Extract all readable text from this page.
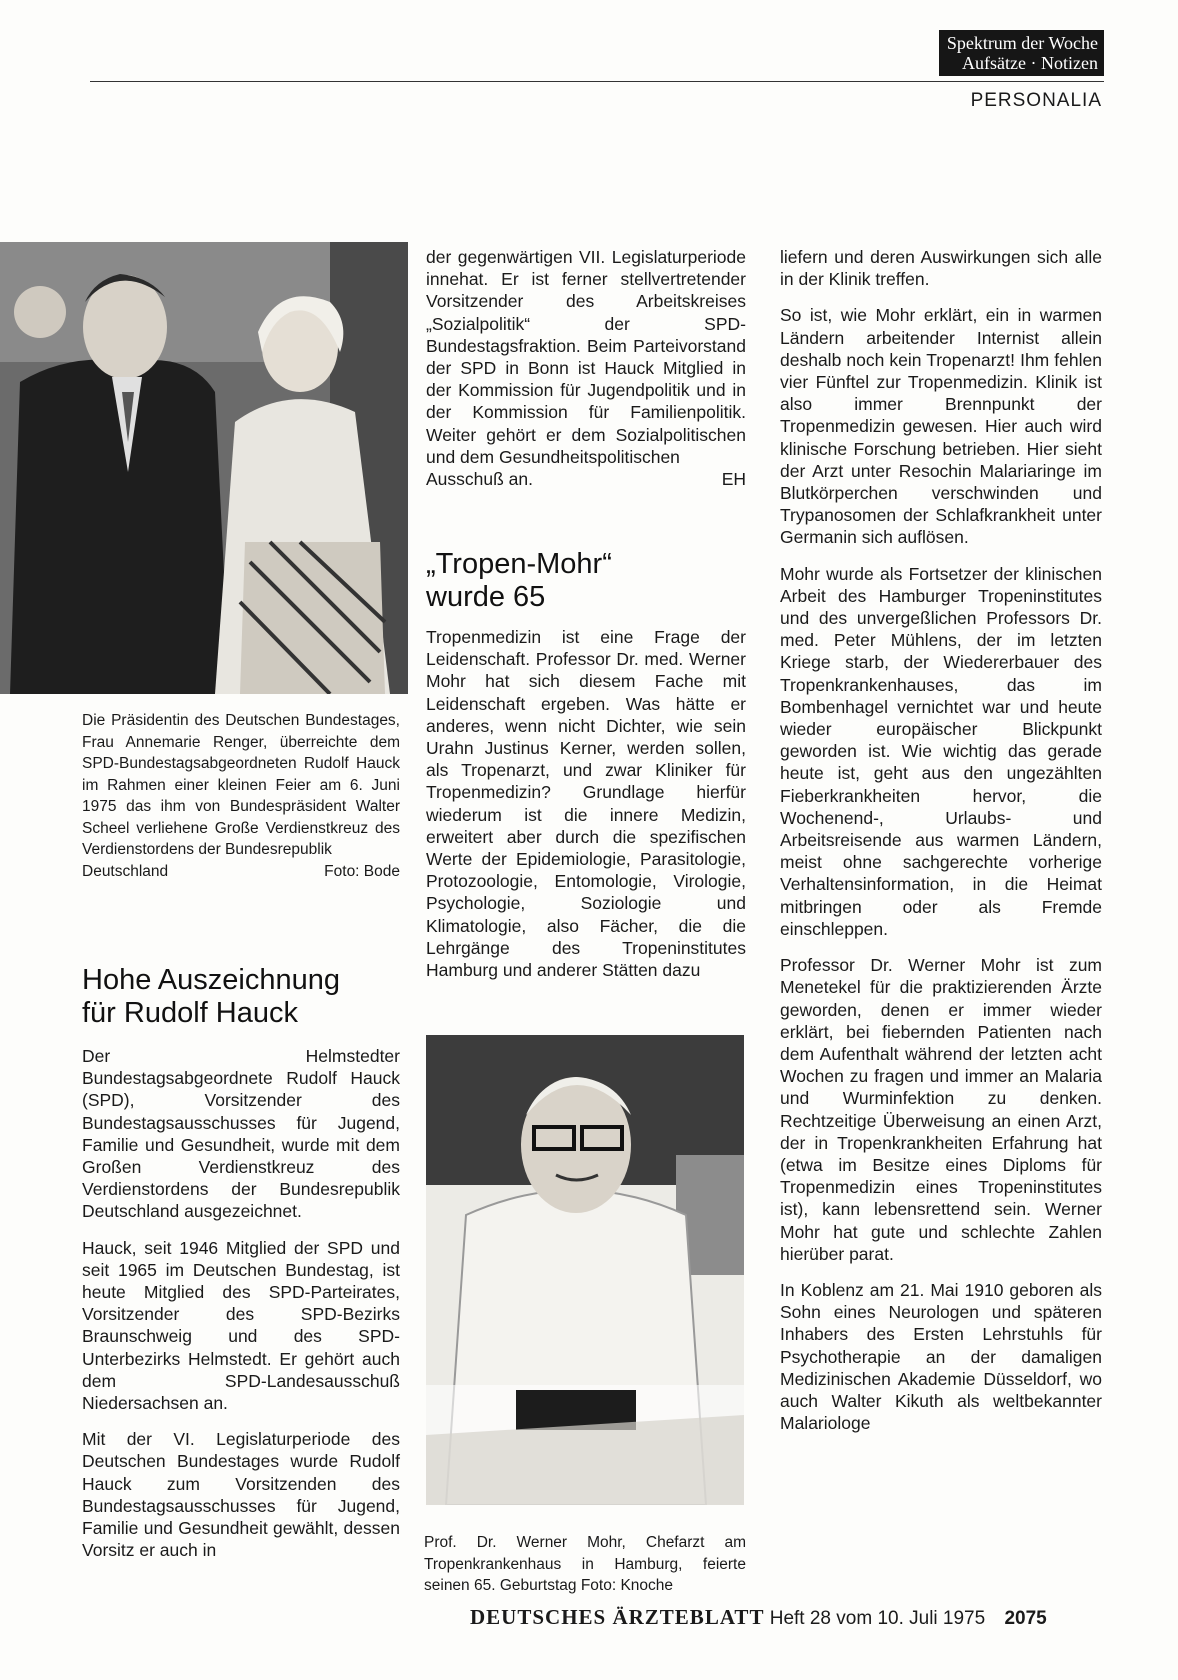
Spektrum der Woche
Aufsätze · Notizen
PERSONALIA
Die Präsidentin des Deutschen Bundestages, Frau Annemarie Renger, überreichte dem SPD-Bundestagsabgeordneten Rudolf Hauck im Rahmen einer kleinen Feier am 6. Juni 1975 das ihm von Bundespräsident Walter Scheel verliehene Große Verdienstkreuz des Verdienstordens der Bundesrepublik
Deutschland	Foto: Bode
Hohe Auszeichnung
für Rudolf Hauck

Der Helmstedter Bundestagsabgeordnete Rudolf Hauck (SPD), Vorsitzender des Bundestagsausschusses für Jugend, Familie und Gesundheit, wurde mit dem Großen Verdienstkreuz des Verdienstordens der Bundesrepublik Deutschland ausgezeichnet.

Hauck, seit 1946 Mitglied der SPD und seit 1965 im Deutschen Bundestag, ist heute Mitglied des SPD-Parteirates, Vorsitzender des SPD-Bezirks Braunschweig und des SPD-Unterbezirks Helmstedt. Er gehört auch dem SPD-Landesausschuß Niedersachsen an.

Mit der VI. Legislaturperiode des Deutschen Bundestages wurde Rudolf Hauck zum Vorsitzenden des Bundestagsausschusses für Jugend, Familie und Gesundheit gewählt, dessen Vorsitz er auch in

der gegenwärtigen VII. Legislaturperiode innehat. Er ist ferner stellvertretender Vorsitzender des Arbeitskreises „Sozialpolitik“ der SPD-Bundestagsfraktion. Beim Parteivorstand der SPD in Bonn ist Hauck Mitglied in der Kommission für Jugendpolitik und in der Kommission für Familienpolitik. Weiter gehört er dem Sozialpolitischen und dem Gesundheitspolitischen
Ausschuß an.	EH
„Tropen-Mohr“
wurde 65

Tropenmedizin ist eine Frage der Leidenschaft. Professor Dr. med. Werner Mohr hat sich diesem Fache mit Leidenschaft ergeben. Was hätte er anderes, wenn nicht Dichter, wie sein Urahn Justinus Kerner, werden sollen, als Tropenarzt, und zwar Kliniker für Tropenmedizin? Grundlage hierfür wiederum ist die innere Medizin, erweitert aber durch die spezifischen Werte der Epidemiologie, Parasitologie, Protozoologie, Entomologie, Virologie, Psychologie, Soziologie und Klimatologie, also Fächer, die die Lehrgänge des Tropeninstitutes Hamburg und anderer Stätten dazu

Prof. Dr. Werner Mohr, Chefarzt am Tropenkrankenhaus in Hamburg, feierte seinen 65. Geburtstag Foto: Knoche

liefern und deren Auswirkungen sich alle in der Klinik treffen.

So ist, wie Mohr erklärt, ein in warmen Ländern arbeitender Internist allein deshalb noch kein Tropenarzt! Ihm fehlen vier Fünftel zur Tropenmedizin. Klinik ist also immer Brennpunkt der Tropenmedizin gewesen. Hier auch wird klinische Forschung betrieben. Hier sieht der Arzt unter Resochin Malariaringe im Blutkörperchen verschwinden und Trypanosomen der Schlafkrankheit unter Germanin sich auflösen.

Mohr wurde als Fortsetzer der klinischen Arbeit des Hamburger Tropeninstitutes und des unvergeßlichen Professors Dr. med. Peter Mühlens, der im letzten Kriege starb, der Wiedererbauer des Tropenkrankenhauses, das im Bombenhagel vernichtet war und heute wieder europäischer Blickpunkt geworden ist. Wie wichtig das gerade heute ist, geht aus den ungezählten Fieberkrankheiten hervor, die Wochenend-, Urlaubs- und Arbeitsreisende aus warmen Ländern, meist ohne sachgerechte vorherige Verhaltensinformation, in die Heimat mitbringen oder als Fremde einschleppen.

Professor Dr. Werner Mohr ist zum Menetekel für die praktizierenden Ärzte geworden, denen er immer wieder erklärt, bei fiebernden Patienten nach dem Aufenthalt während der letzten acht Wochen zu fragen und immer an Malaria und Wurminfektion zu denken. Rechtzeitige Überweisung an einen Arzt, der in Tropenkrankheiten Erfahrung hat (etwa im Besitze eines Diploms für Tropenmedizin eines Tropeninstitutes ist), kann lebensrettend sein. Werner Mohr hat gute und schlechte Zahlen hierüber parat.

In Koblenz am 21. Mai 1910 geboren als Sohn eines Neurologen und späteren Inhabers des Ersten Lehrstuhls für Psychotherapie an der damaligen Medizinischen Akademie Düsseldorf, wo auch Walter Kikuth als weltbekannter Malariologe

DEUTSCHES ÄRZTEBLATT Heft 28 vom 10. Juli 1975 2075
